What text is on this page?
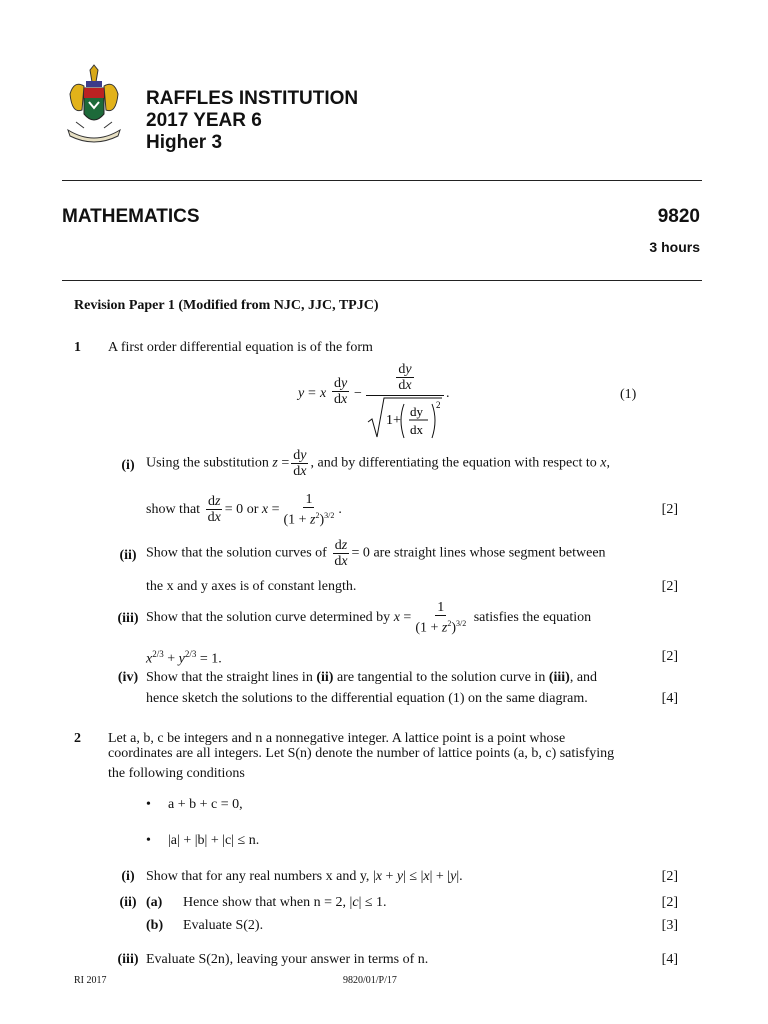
RAFFLES INSTITUTION
2017 YEAR 6
Higher 3
MATHEMATICS	9820
3 hours
Revision Paper 1 (Modified from NJC, JJC, TPJC)
1 A first order differential equation is of the form
y = x $\frac{dy}{dx}$ −
$\frac{dy}{dx}$
1+
dy
dx
2
.	(1)
(i) Using the substitution $z = \frac{dy}{dx}$ , and by differentiating the equation with respect to x,
show that $\frac{dz}{dx} = 0$ or $x = \frac{1}{(1 + z^2)^{3/2}}$ .	[2]
(ii) Show that the solution curves of $\frac{dz}{dx} = 0$ are straight lines whose segment between
the x and y axes is of constant length.	[2]
(iii) Show that the solution curve determined by $x = \frac{1}{(1 + z^2)^{3/2}}$ satisfies the equation
$x^{2/3} + y^{2/3} = 1$.	[2]
(iv) Show that the straight lines in (ii) are tangential to the solution curve in (iii), and
hence sketch the solutions to the differential equation (1) on the same diagram.	[4]
2 Let a, b, c be integers and n a nonnegative integer. A lattice point is a point whose
coordinates are all integers. Let S(n) denote the number of lattice points (a, b, c) satisfying
the following conditions
• a + b + c = 0,
• |a| + |b| + |c| ≤ n.
(i) Show that for any real numbers x and y, |x + y| ≤ |x| + |y|.	[2]
(ii) (a) Hence show that when n = 2, |c| ≤ 1.	[2]
(b) Evaluate S(2).	[3]
(iii) Evaluate S(2n), leaving your answer in terms of n.	[4]
RI 2017	9820/01/P/17
